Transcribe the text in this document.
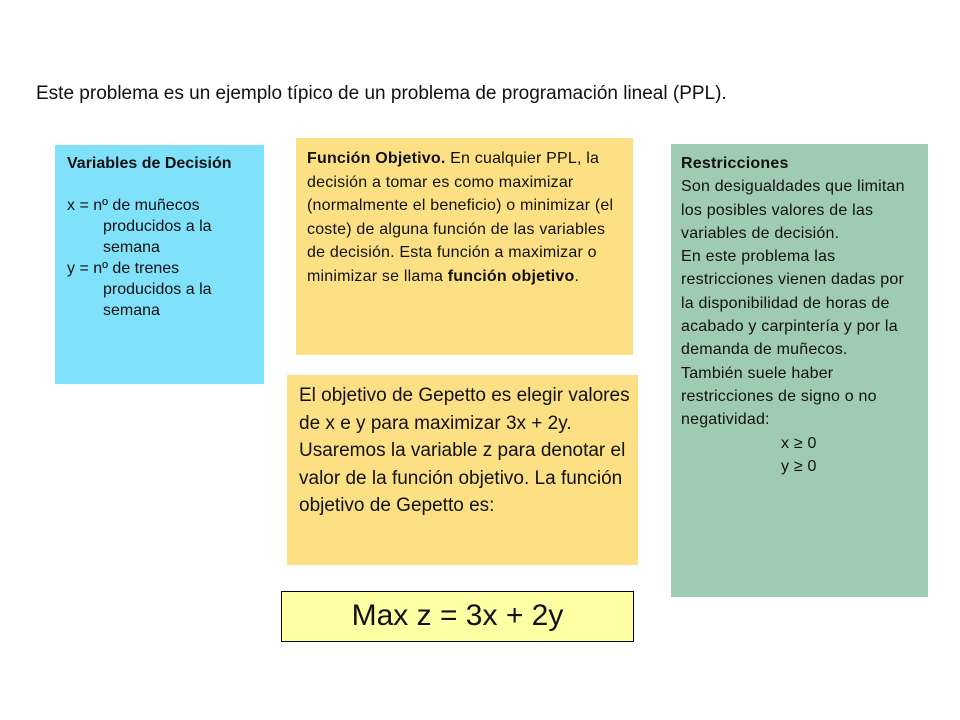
Este problema es un ejemplo típico de un problema de programación lineal (PPL).
Variables de Decisión
x = nº de muñecos producidos a la semana
y = nº de trenes producidos a la semana
Función Objetivo. En cualquier PPL, la decisión a tomar es como maximizar (normalmente el beneficio) o minimizar (el coste) de alguna función de las variables de decisión. Esta función a maximizar o minimizar se llama función objetivo.
Restricciones
Son desigualdades que limitan los posibles valores de las variables de decisión.
En este problema las restricciones vienen dadas por la disponibilidad de horas de acabado y carpintería y por la demanda de muñecos.
También suele haber restricciones de signo o no negatividad:
x ≥ 0
y ≥ 0
El objetivo de Gepetto es elegir valores de x e y para maximizar 3x + 2y. Usaremos la variable z para denotar el valor de la función objetivo. La función objetivo de Gepetto es:
Max z = 3x + 2y
